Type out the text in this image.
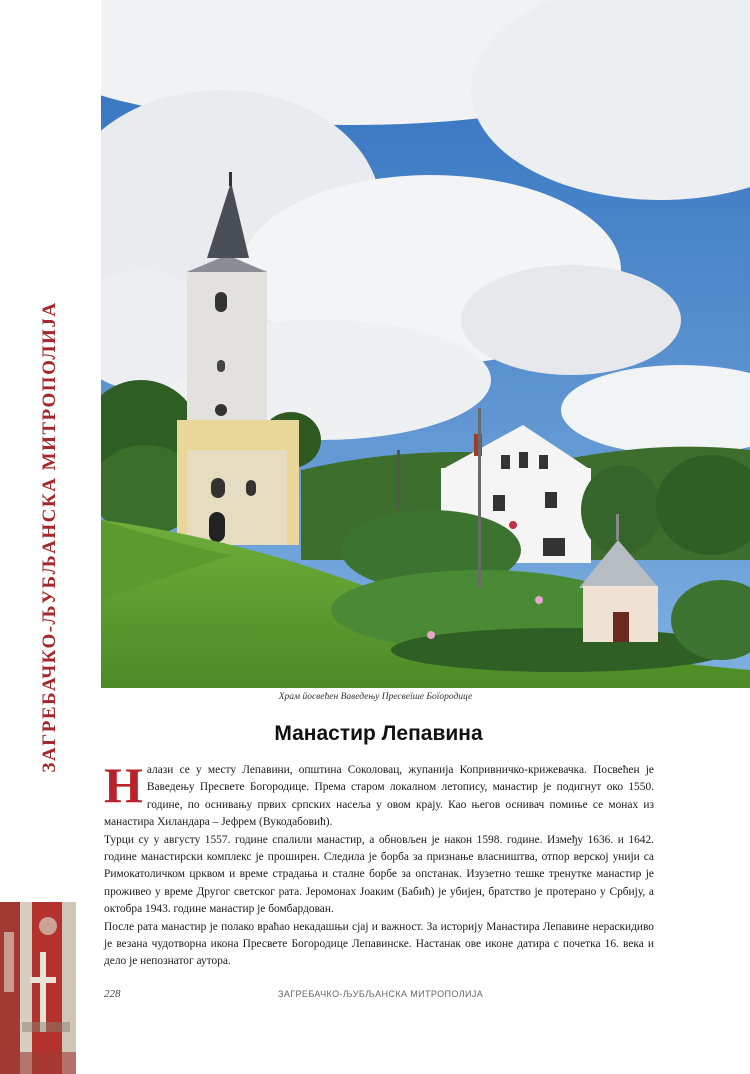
ЗАГРЕБАЧКО-ЉУБЉАНСКА МИТРОПОЛИЈА	Храм йосвећен Ваведењу Пресвеїше Боїородице
Манастир Лепавина

Налази се у месту Лепавини, општина Соколовац, жупанија Копривничко-крижевачка. Посвећен је Ваведењу Пресвете Богородице. Према старом локалном летопису, манастир је подигнут око 1550. године, по оснивању првих српских насеља у овом крају. Као његов оснивач помиње се монах из манастира Хиландара – Јефрем (Вукодабовић).

Турци су у августу 1557. године спалили манастир, а обновљен је након 1598. године. Између 1636. и 1642. године манастирски комплекс је проширен. Следила је борба за признање власништва, отпор верској унији са Римокатоличком црквом и време страдања и сталне борбе за опстанак. Изузетно тешке тренутке манастир је проживео у време Другог светског рата. Јеромонах Јоаким (Бабић) је убијен, братство је протерано у Србију, а октобра 1943. године манастир је бомбардован.

После рата манастир је полако враћао некадашњи сјај и важност. За историју Манастира Лепавине нераскидиво је везана чудотворна икона Пресвете Богородице Лепавинске. Настанак ове иконе датира с почетка 16. века и дело је непознатог аутора.

228	ЗАГРЕБАЧКО-ЉУБЉАНСКА МИТРОПОЛИЈА
